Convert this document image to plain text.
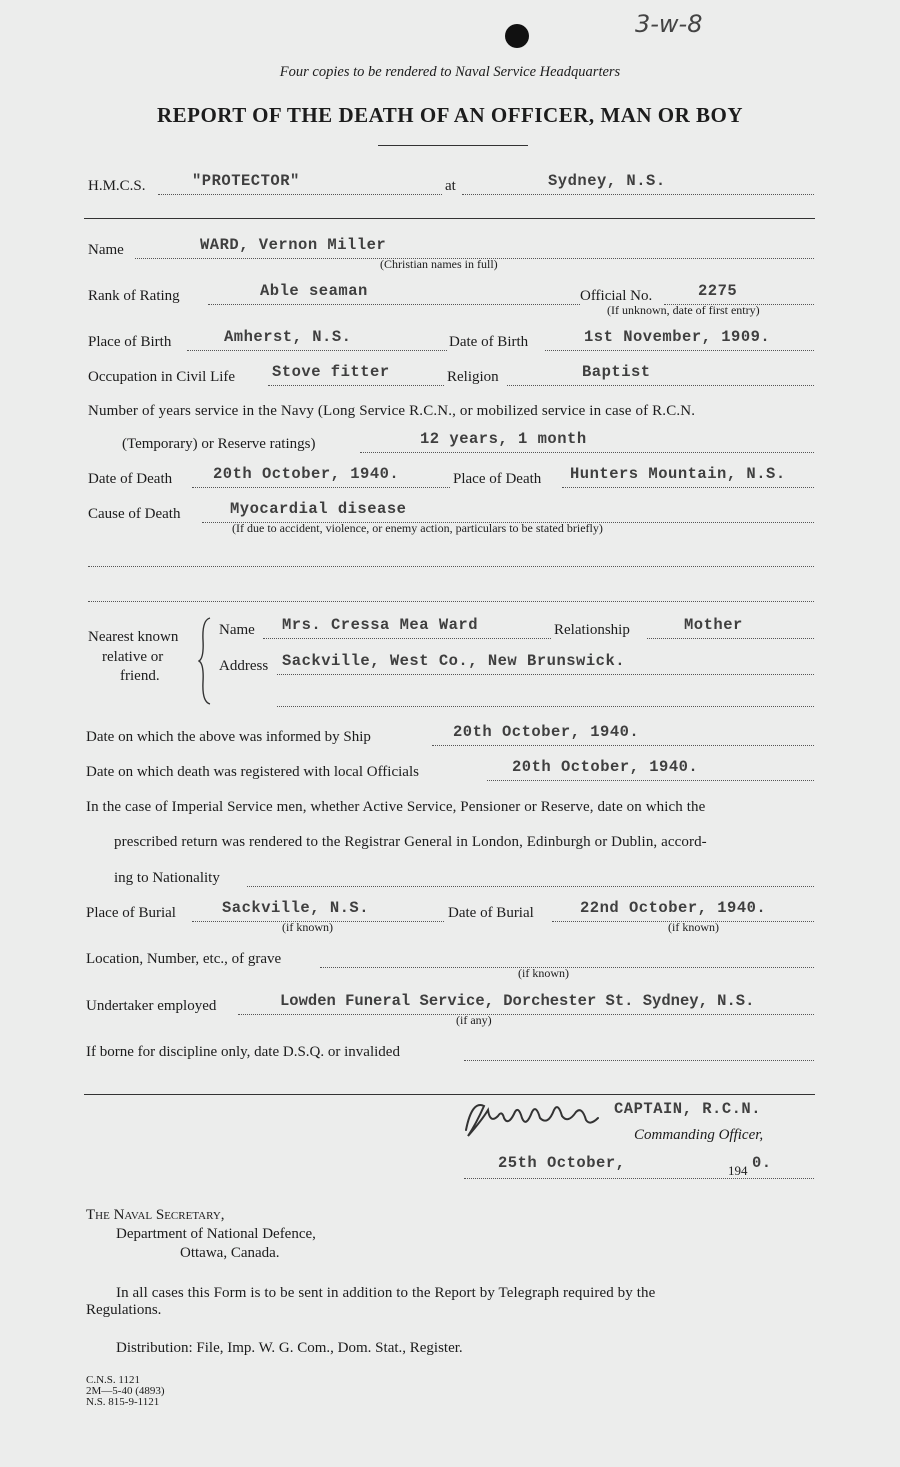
3-w-8
Four copies to be rendered to Naval Service Headquarters
REPORT OF THE DEATH OF AN OFFICER, MAN OR BOY
H.M.C.S.	"PROTECTOR"	at	Sydney, N.S.
Name	WARD, Vernon Miller
(Christian names in full)
Rank of Rating	Able seaman	Official No.	2275
(If unknown, date of first entry)
Place of Birth	Amherst, N.S.	Date of Birth	1st November, 1909.
Occupation in Civil Life Stove fitter	Religion	Baptist
Number of years service in the Navy (Long Service R.C.N., or mobilized service in case of R.C.N.
(Temporary) or Reserve ratings)	12 years, 1 month
Date of Death	20th October, 1940.	Place of Death Hunters Mountain, N.S.
Cause of Death	Myocardial disease
(If due to accident, violence, or enemy action, particulars to be stated briefly)
Nearest known
relative or
friend.
Name Mrs. Cressa Mea Ward	Relationship	Mother
Address Sackville, West Co., New Brunswick.
Date on which the above was informed by Ship	20th October, 1940.
Date on which death was registered with local Officials	20th October, 1940.
In the case of Imperial Service men, whether Active Service, Pensioner or Reserve, date on which the
prescribed return was rendered to the Registrar General in London, Edinburgh or Dublin, accord-
ing to Nationality
Place of Burial	Sackville, N.S.
(if known)
Date of Burial	22nd October, 1940.
(if known)
Location, Number, etc., of grave
(if known)
Undertaker employed	Lowden Funeral Service, Dorchester St. Sydney, N.S.
(if any)
If borne for discipline only, date D.S.Q. or invalided
CAPTAIN, R.C.N.
Commanding Officer,
25th October,	194 0.
The Naval Secretary,
Department of National Defence,
Ottawa, Canada.
In all cases this Form is to be sent in addition to the Report by Telegraph required by the
Regulations.
Distribution: File, Imp. W. G. Com., Dom. Stat., Register.
C.N.S. 1121
2M—5-40 (4893)
N.S. 815-9-1121
